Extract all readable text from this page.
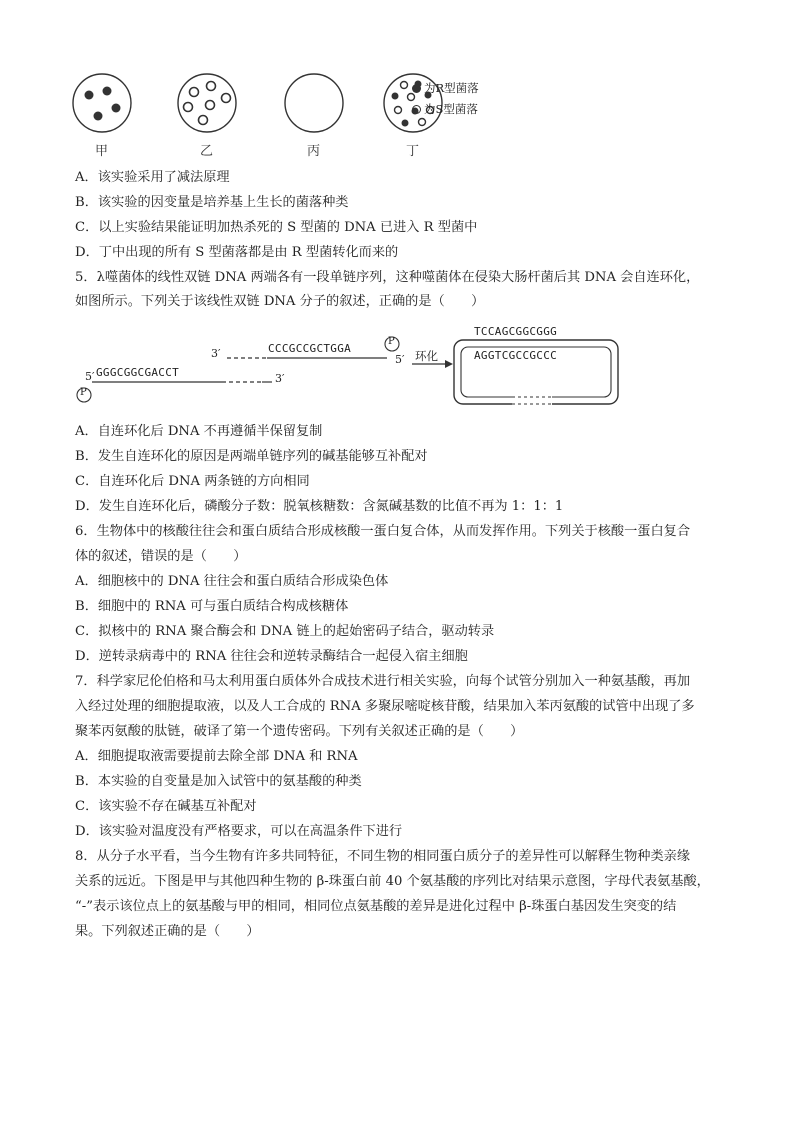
为R型菌落
为S型菌落
甲	乙	丙	丁
A．该实验采用了减法原理
B．该实验的因变量是培养基上生长的菌落种类
C．以上实验结果能证明加热杀死的 S 型菌的 DNA 已进入 R 型菌中
D．丁中出现的所有 S 型菌落都是由 R 型菌转化而来的
5．λ噬菌体的线性双链 DNA 两端各有一段单链序列，这种噬菌体在侵染大肠杆菌后其 DNA 会自连环化，
如图所示。下列关于该线性双链 DNA 分子的叙述，正确的是（　　）
CCCGCCGCTGGA
GGGCGGCGACCT
3′	5′
5′	3′
P
P
环化
TCCAGCGGCGGG
AGGTCGCCGCCC
A．自连环化后 DNA 不再遵循半保留复制
B．发生自连环化的原因是两端单链序列的碱基能够互补配对
C．自连环化后 DNA 两条链的方向相同
D．发生自连环化后，磷酸分子数：脱氧核糖数：含氮碱基数的比值不再为 1：1：1
6．生物体中的核酸往往会和蛋白质结合形成核酸一蛋白复合体，从而发挥作用。下列关于核酸一蛋白复合
体的叙述，错误的是（　　）
A．细胞核中的 DNA 往往会和蛋白质结合形成染色体
B．细胞中的 RNA 可与蛋白质结合构成核糖体
C．拟核中的 RNA 聚合酶会和 DNA 链上的起始密码子结合，驱动转录
D．逆转录病毒中的 RNA 往往会和逆转录酶结合一起侵入宿主细胞
7．科学家尼伦伯格和马太利用蛋白质体外合成技术进行相关实验，向每个试管分别加入一种氨基酸，再加
入经过处理的细胞提取液，以及人工合成的 RNA 多聚尿嘧啶核苷酸，结果加入苯丙氨酸的试管中出现了多
聚苯丙氨酸的肽链，破译了第一个遗传密码。下列有关叙述正确的是（　　）
A．细胞提取液需要提前去除全部 DNA 和 RNA
B．本实验的自变量是加入试管中的氨基酸的种类
C．该实验不存在碱基互补配对
D．该实验对温度没有严格要求，可以在高温条件下进行
8．从分子水平看，当今生物有许多共同特征，不同生物的相同蛋白质分子的差异性可以解释生物种类亲缘
关系的远近。下图是甲与其他四种生物的 β-珠蛋白前 40 个氨基酸的序列比对结果示意图，字母代表氨基酸，
“-”表示该位点上的氨基酸与甲的相同，相同位点氨基酸的差异是进化过程中 β-珠蛋白基因发生突变的结
果。下列叙述正确的是（　　）
